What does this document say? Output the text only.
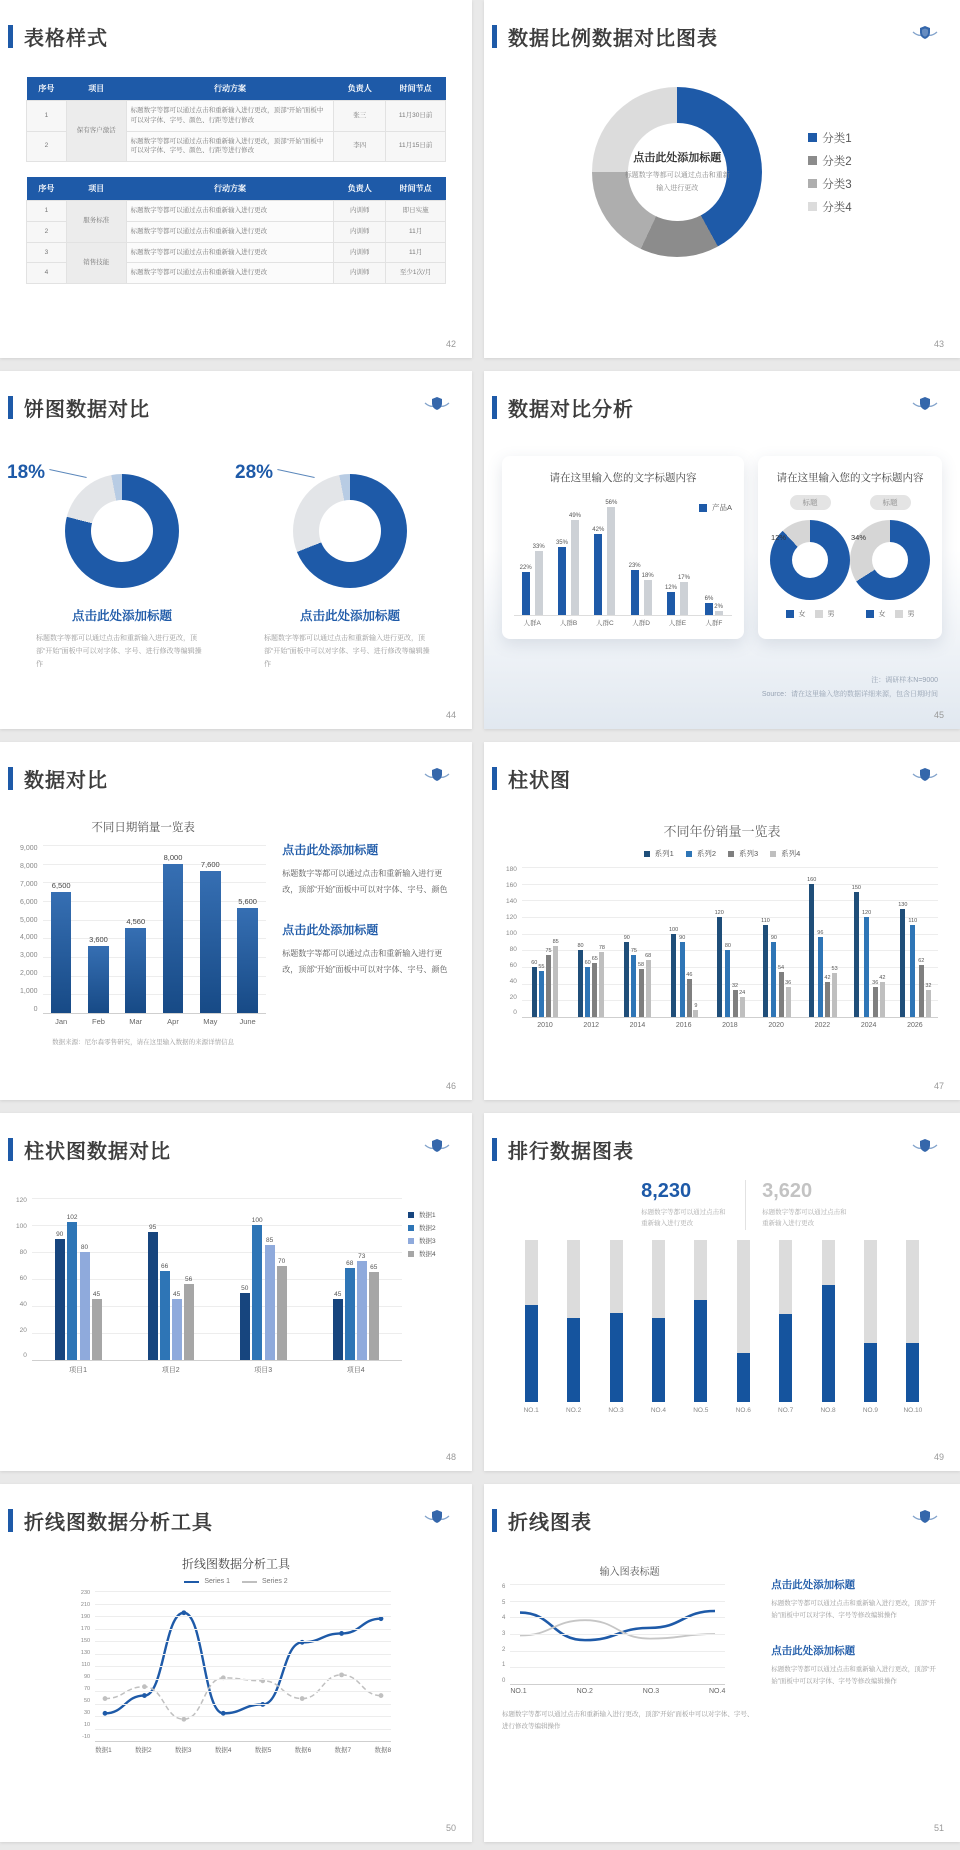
表格样式
序号	项目	行动方案	负责人	时间节点
1	保有客户激活	标题数字等都可以通过点击和重新输入进行更改，顶部“开始”面板中可以对字体、字号、颜色、行距等进行修改	张三	11月30日前
2		标题数字等都可以通过点击和重新输入进行更改，顶部“开始”面板中可以对字体、字号、颜色、行距等进行修改	李四	11月15日前
序号	项目	行动方案	负责人	时间节点
1	服务标准	标题数字等都可以通过点击和重新输入进行更改	内训师	即日实施
2		标题数字等都可以通过点击和重新输入进行更改	内训师	11月
3	销售技能	标题数字等都可以通过点击和重新输入进行更改	内训师	11月
4		标题数字等都可以通过点击和重新输入进行更改	内训师	至少1次/月
42
数据比例数据对比图表
点击此处添加标题
标题数字等都可以通过点击和重新输入进行更改
分类1
分类2
分类3
分类4
43
饼图数据对比
18%
点击此处添加标题

标题数字等都可以通过点击和重新输入进行更改，顶部“开始”面板中可以对字体、字号、进行修改等编辑操作

28%
点击此处添加标题

标题数字等都可以通过点击和重新输入进行更改，顶部“开始”面板中可以对字体、字号、进行修改等编辑操作

44
数据对比分析
请在这里输入您的文字标题内容
产品A
22%
33%
35%
49%
42%
56%
23%
18%
12%
17%
6%
2%
人群A	人群B	人群C	人群D	人群E	人群F
请在这里输入您的文字标题内容
标题	标题
12%
女	男
34%
女	男
注：调研样本N=9000
Source：请在这里输入您的数据详细来源，包含日期时间
45
数据对比
不同日期销量一览表
9,000
8,000
7,000
6,000
5,000
4,000
3,000
2,000
1,000
0
6,500
3,600
4,560
8,000
7,600
5,600
Jan	Feb	Mar	Apr	May	June
数据来源：尼尔森零售研究，请在这里输入数据的来源详情信息
点击此处添加标题
标题数字等都可以通过点击和重新输入进行更改，顶部“开始”面板中可以对字体、字号、颜色
点击此处添加标题
标题数字等都可以通过点击和重新输入进行更改，顶部“开始”面板中可以对字体、字号、颜色
46
柱状图
不同年份销量一览表
系列1	系列2	系列3	系列4
180
160
140
120
100
80
60
40
20
0
60
55
75
85
80
60
65
78
90
75
58
68
100
90
46
9
120
80
32
24
110
90
54
36
160
96
42
53
150
120
36
42
130
110
62
32
2010	2012	2014	2016	2018	2020	2022	2024	2026
47
柱状图数据对比
120
100
80
60
40
20
0
90
102
80
45
95
66
45
56
50
100
85
70
45
68
73
65
项目1	项目2	项目3	项目4
数据1
数据2
数据3
数据4
48
排行数据图表
8,230
标题数字等都可以通过点击和重新输入进行更改
3,620
标题数字等都可以通过点击和重新输入进行更改
NO.1	NO.2	NO.3	NO.4	NO.5	NO.6	NO.7	NO.8	NO.9	NO.10
49
折线图数据分析工具
折线图数据分析工具
Series 1	Series 2
230
210
190
170
150
130
110
90
70
50
30
10
-10
数据1	数据2	数据3	数据4	数据5	数据6	数据7	数据8
50
折线图表
输入图表标题
6
5
4
3
2
1
0
NO.1	NO.2	NO.3	NO.4
标题数字等都可以通过点击和重新输入进行更改，顶部“开始”面板中可以对字体、字号、进行修改等编辑操作
点击此处添加标题
标题数字等都可以通过点击和重新输入进行更改，顶部“开始”面板中可以对字体、字号等修改编辑操作
点击此处添加标题
标题数字等都可以通过点击和重新输入进行更改，顶部“开始”面板中可以对字体、字号等修改编辑操作
51
